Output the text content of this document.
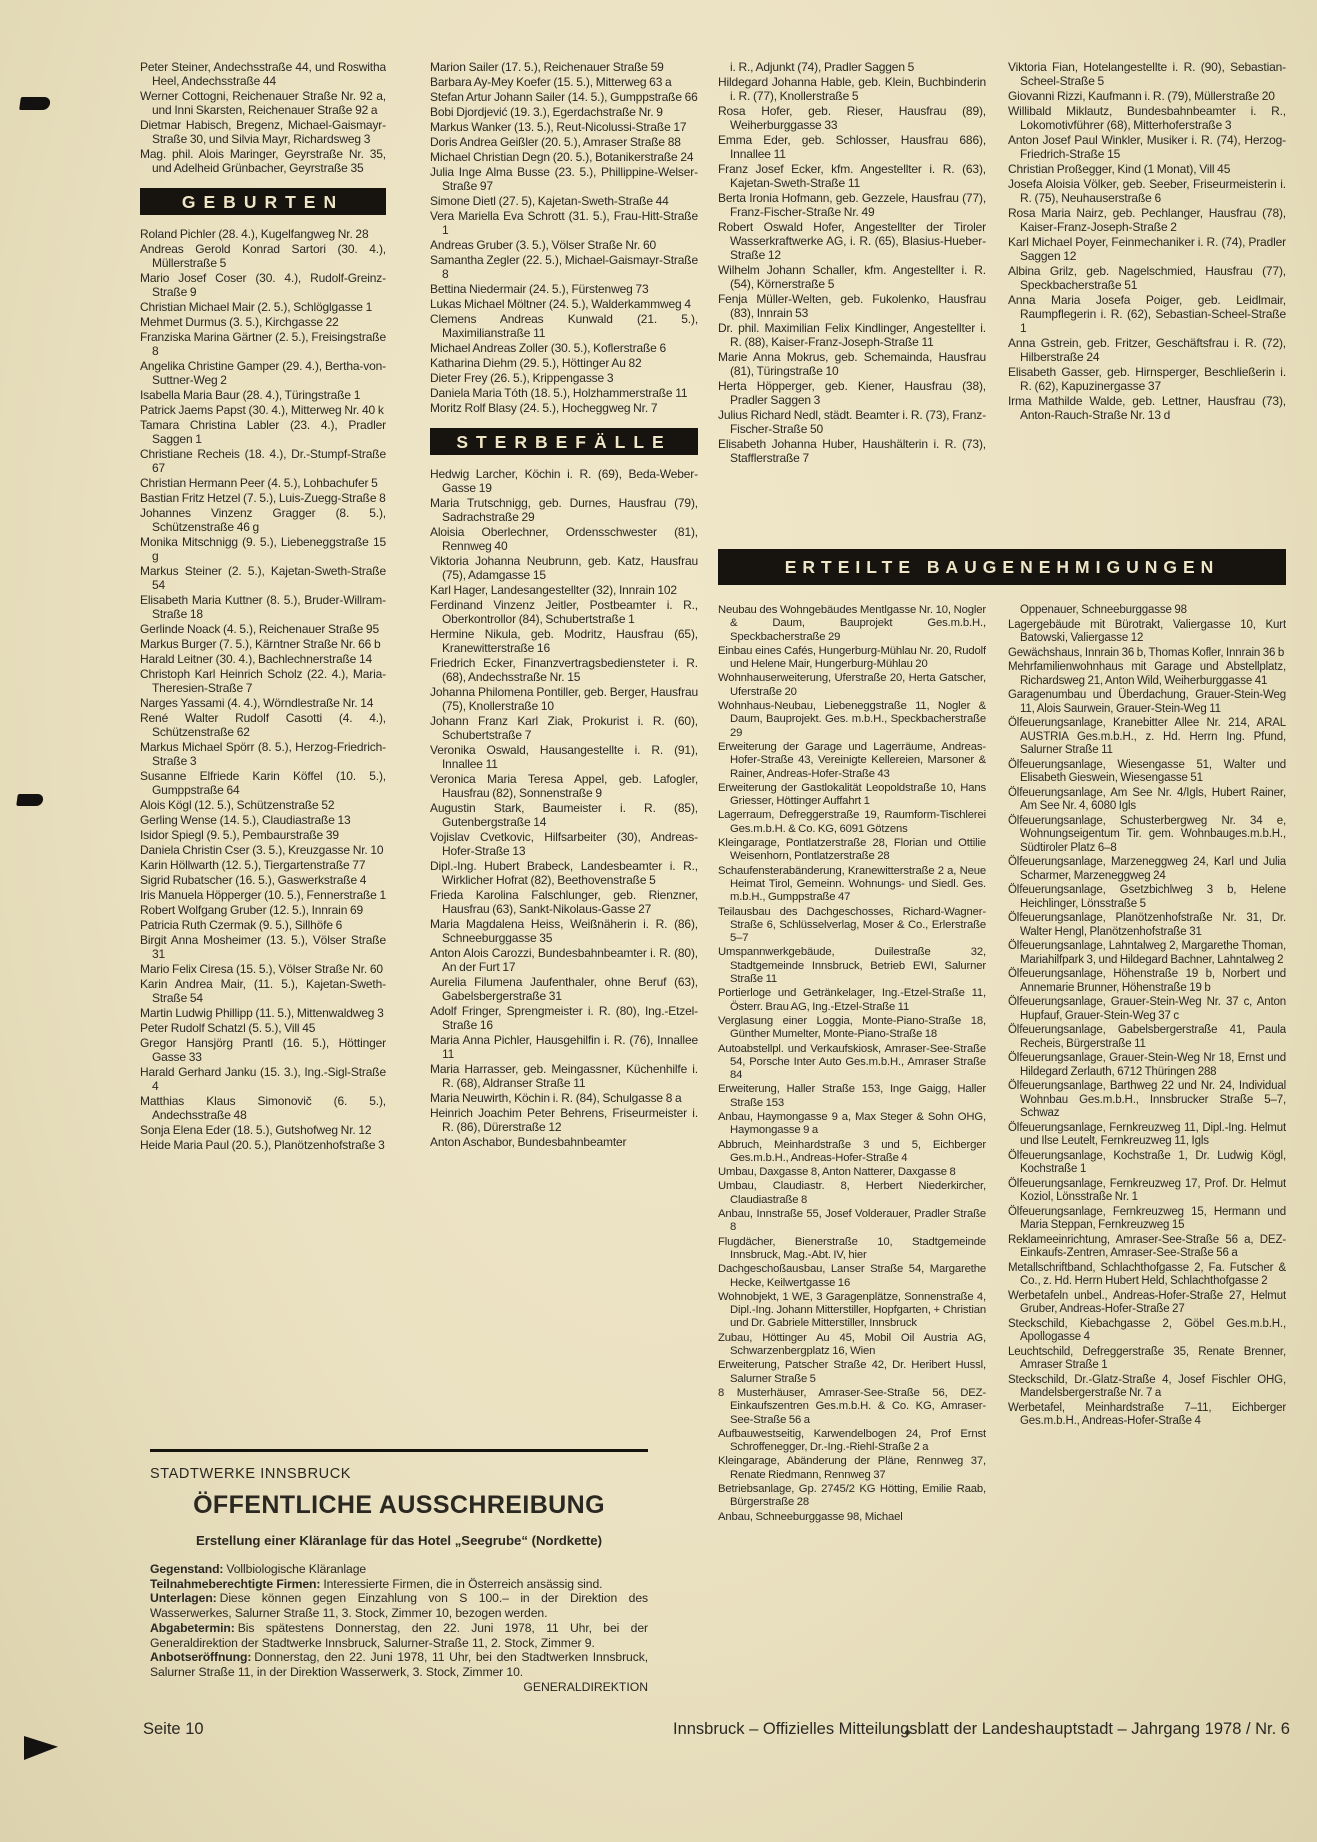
Peter Steiner, Andechsstraße 44, und Roswitha Heel, Andechsstraße 44

Werner Cottogni, Reichenauer Straße Nr. 92 a, und Inni Skarsten, Reichenauer Straße 92 a

Dietmar Habisch, Bregenz, Michael-Gaismayr-Straße 30, und Silvia Mayr, Richardsweg 3

Mag. phil. Alois Maringer, Geyrstraße Nr. 35, und Adelheid Grünbacher, Geyrstraße 35

GEBURTEN

Roland Pichler (28. 4.), Kugelfangweg Nr. 28

Andreas Gerold Konrad Sartori (30. 4.), Müllerstraße 5

Mario Josef Coser (30. 4.), Rudolf-Greinz-Straße 9

Christian Michael Mair (2. 5.), Schlöglgasse 1

Mehmet Durmus (3. 5.), Kirchgasse 22

Franziska Marina Gärtner (2. 5.), Freisingstraße 8

Angelika Christine Gamper (29. 4.), Bertha-von-Suttner-Weg 2

Isabella Maria Baur (28. 4.), Türingstraße 1

Patrick Jaems Papst (30. 4.), Mitterweg Nr. 40 k

Tamara Christina Labler (23. 4.), Pradler Saggen 1

Christiane Recheis (18. 4.), Dr.-Stumpf-Straße 67

Christian Hermann Peer (4. 5.), Lohbachufer 5

Bastian Fritz Hetzel (7. 5.), Luis-Zuegg-Straße 8

Johannes Vinzenz Gragger (8. 5.), Schützenstraße 46 g

Monika Mitschnigg (9. 5.), Liebeneggstraße 15 g

Markus Steiner (2. 5.), Kajetan-Sweth-Straße 54

Elisabeth Maria Kuttner (8. 5.), Bruder-Willram-Straße 18

Gerlinde Noack (4. 5.), Reichenauer Straße 95

Markus Burger (7. 5.), Kärntner Straße Nr. 66 b

Harald Leitner (30. 4.), Bachlechnerstraße 14

Christoph Karl Heinrich Scholz (22. 4.), Maria-Theresien-Straße 7

Narges Yassami (4. 4.), Wörndlestraße Nr. 14

René Walter Rudolf Casotti (4. 4.), Schützenstraße 62

Markus Michael Spörr (8. 5.), Herzog-Friedrich-Straße 3

Susanne Elfriede Karin Köffel (10. 5.), Gumppstraße 64

Alois Kögl (12. 5.), Schützenstraße 52

Gerling Wense (14. 5.), Claudiastraße 13

Isidor Spiegl (9. 5.), Pembaurstraße 39

Daniela Christin Cser (3. 5.), Kreuzgasse Nr. 10

Karin Höllwarth (12. 5.), Tiergartenstraße 77

Sigrid Rubatscher (16. 5.), Gaswerkstraße 4

Iris Manuela Höpperger (10. 5.), Fennerstraße 1

Robert Wolfgang Gruber (12. 5.), Innrain 69

Patricia Ruth Czermak (9. 5.), Sillhöfe 6

Birgit Anna Mosheimer (13. 5.), Völser Straße 31

Mario Felix Ciresa (15. 5.), Völser Straße Nr. 60

Karin Andrea Mair, (11. 5.), Kajetan-Sweth-Straße 54

Martin Ludwig Phillipp (11. 5.), Mittenwaldweg 3

Peter Rudolf Schatzl (5. 5.), Vill 45

Gregor Hansjörg Prantl (16. 5.), Höttinger Gasse 33

Harald Gerhard Janku (15. 3.), Ing.-Sigl-Straße 4

Matthias Klaus Simonovič (6. 5.), Andechsstraße 48

Sonja Elena Eder (18. 5.), Gutshofweg Nr. 12

Heide Maria Paul (20. 5.), Planötzenhofstraße 3

Marion Sailer (17. 5.), Reichenauer Straße 59

Barbara Ay-Mey Koefer (15. 5.), Mitterweg 63 a

Stefan Artur Johann Sailer (14. 5.), Gumppstraße 66

Bobi Djordjević (19. 3.), Egerdachstraße Nr. 9

Markus Wanker (13. 5.), Reut-Nicolussi-Straße 17

Doris Andrea Geißler (20. 5.), Amraser Straße 88

Michael Christian Degn (20. 5.), Botanikerstraße 24

Julia Inge Alma Busse (23. 5.), Phillippine-Welser-Straße 97

Simone Dietl (27. 5), Kajetan-Sweth-Straße 44

Vera Mariella Eva Schrott (31. 5.), Frau-Hitt-Straße 1

Andreas Gruber (3. 5.), Völser Straße Nr. 60

Samantha Zegler (22. 5.), Michael-Gaismayr-Straße 8

Bettina Niedermair (24. 5.), Fürstenweg 73

Lukas Michael Möltner (24. 5.), Walderkammweg 4

Clemens Andreas Kunwald (21. 5.), Maximilianstraße 11

Michael Andreas Zoller (30. 5.), Koflerstraße 6

Katharina Diehm (29. 5.), Höttinger Au 82

Dieter Frey (26. 5.), Krippengasse 3

Daniela Maria Tóth (18. 5.), Holzhammerstraße 11

Moritz Rolf Blasy (24. 5.), Hocheggweg Nr. 7

STERBEFÄLLE

Hedwig Larcher, Köchin i. R. (69), Beda-Weber-Gasse 19

Maria Trutschnigg, geb. Durnes, Hausfrau (79), Sadrachstraße 29

Aloisia Oberlechner, Ordensschwester (81), Rennweg 40

Viktoria Johanna Neubrunn, geb. Katz, Hausfrau (75), Adamgasse 15

Karl Hager, Landesangestellter (32), Innrain 102

Ferdinand Vinzenz Jeitler, Postbeamter i. R., Oberkontrollor (84), Schubertstraße 1

Hermine Nikula, geb. Modritz, Hausfrau (65), Kranewitterstraße 16

Friedrich Ecker, Finanzvertragsbediensteter i. R. (68), Andechsstraße Nr. 15

Johanna Philomena Pontiller, geb. Berger, Hausfrau (75), Knollerstraße 10

Johann Franz Karl Ziak, Prokurist i. R. (60), Schubertstraße 7

Veronika Oswald, Hausangestellte i. R. (91), Innallee 11

Veronica Maria Teresa Appel, geb. Lafogler, Hausfrau (82), Sonnenstraße 9

Augustin Stark, Baumeister i. R. (85), Gutenbergstraße 14

Vojislav Cvetkovic, Hilfsarbeiter (30), Andreas-Hofer-Straße 13

Dipl.-Ing. Hubert Brabeck, Landesbeamter i. R., Wirklicher Hofrat (82), Beethovenstraße 5

Frieda Karolina Falschlunger, geb. Rienzner, Hausfrau (63), Sankt-Nikolaus-Gasse 27

Maria Magdalena Heiss, Weißnäherin i. R. (86), Schneeburggasse 35

Anton Alois Carozzi, Bundesbahnbeamter i. R. (80), An der Furt 17

Aurelia Filumena Jaufenthaler, ohne Beruf (63), Gabelsbergerstraße 31

Adolf Fringer, Sprengmeister i. R. (80), Ing.-Etzel-Straße 16

Maria Anna Pichler, Hausgehilfin i. R. (76), Innallee 11

Maria Harrasser, geb. Meingassner, Küchenhilfe i. R. (68), Aldranser Straße 11

Maria Neuwirth, Köchin i. R. (84), Schulgasse 8 a

Heinrich Joachim Peter Behrens, Friseurmeister i. R. (86), Dürerstraße 12

Anton Aschabor, Bundesbahnbeamter

i. R., Adjunkt (74), Pradler Saggen 5

Hildegard Johanna Hable, geb. Klein, Buchbinderin i. R. (77), Knollerstraße 5

Rosa Hofer, geb. Rieser, Hausfrau (89), Weiherburggasse 33

Emma Eder, geb. Schlosser, Hausfrau 686), Innallee 11

Franz Josef Ecker, kfm. Angestellter i. R. (63), Kajetan-Sweth-Straße 11

Berta Ironia Hofmann, geb. Gezzele, Hausfrau (77), Franz-Fischer-Straße Nr. 49

Robert Oswald Hofer, Angestellter der Tiroler Wasserkraftwerke AG, i. R. (65), Blasius-Hueber-Straße 12

Wilhelm Johann Schaller, kfm. Angestellter i. R. (54), Körnerstraße 5

Fenja Müller-Welten, geb. Fukolenko, Hausfrau (83), Innrain 53

Dr. phil. Maximilian Felix Kindlinger, Angestellter i. R. (88), Kaiser-Franz-Joseph-Straße 11

Marie Anna Mokrus, geb. Schemainda, Hausfrau (81), Türingstraße 10

Herta Höpperger, geb. Kiener, Hausfrau (38), Pradler Saggen 3

Julius Richard Nedl, städt. Beamter i. R. (73), Franz-Fischer-Straße 50

Elisabeth Johanna Huber, Haushälterin i. R. (73), Stafflerstraße 7

Viktoria Fian, Hotelangestellte i. R. (90), Sebastian-Scheel-Straße 5

Giovanni Rizzi, Kaufmann i. R. (79), Müllerstraße 20

Willibald Miklautz, Bundesbahnbeamter i. R., Lokomotivführer (68), Mitterhoferstraße 3

Anton Josef Paul Winkler, Musiker i. R. (74), Herzog-Friedrich-Straße 15

Christian Proßegger, Kind (1 Monat), Vill 45

Josefa Aloisia Völker, geb. Seeber, Friseurmeisterin i. R. (75), Neuhauserstraße 6

Rosa Maria Nairz, geb. Pechlanger, Hausfrau (78), Kaiser-Franz-Joseph-Straße 2

Karl Michael Poyer, Feinmechaniker i. R. (74), Pradler Saggen 12

Albina Grilz, geb. Nagelschmied, Hausfrau (77), Speckbacherstraße 51

Anna Maria Josefa Poiger, geb. Leidlmair, Raumpflegerin i. R. (62), Sebastian-Scheel-Straße 1

Anna Gstrein, geb. Fritzer, Geschäftsfrau i. R. (72), Hilberstraße 24

Elisabeth Gasser, geb. Hirnsperger, Beschließerin i. R. (62), Kapuzinergasse 37

Irma Mathilde Walde, geb. Lettner, Hausfrau (73), Anton-Rauch-Straße Nr. 13 d

ERTEILTE BAUGENEHMIGUNGEN

Neubau des Wohngebäudes Mentlgasse Nr. 10, Nogler & Daum, Bauprojekt Ges.m.b.H., Speckbacherstraße 29

Einbau eines Cafés, Hungerburg-Mühlau Nr. 20, Rudolf und Helene Mair, Hungerburg-Mühlau 20

Wohnhauserweiterung, Uferstraße 20, Herta Gatscher, Uferstraße 20

Wohnhaus-Neubau, Liebeneggstraße 11, Nogler & Daum, Bauprojekt. Ges. m.b.H., Speckbacherstraße 29

Erweiterung der Garage und Lagerräume, Andreas-Hofer-Straße 43, Vereinigte Kellereien, Marsoner & Rainer, Andreas-Hofer-Straße 43

Erweiterung der Gastlokalität Leopoldstraße 10, Hans Griesser, Höttinger Auffahrt 1

Lagerraum, Defreggerstraße 19, Raumform-Tischlerei Ges.m.b.H. & Co. KG, 6091 Götzens

Kleingarage, Pontlatzerstraße 28, Florian und Ottilie Weisenhorn, Pontlatzerstraße 28

Schaufensterabänderung, Kranewitterstraße 2 a, Neue Heimat Tirol, Gemeinn. Wohnungs- und Siedl. Ges. m.b.H., Gumppstraße 47

Teilausbau des Dachgeschosses, Richard-Wagner-Straße 6, Schlüsselverlag, Moser & Co., Erlerstraße 5–7

Umspannwerkgebäude, Duilestraße 32, Stadtgemeinde Innsbruck, Betrieb EWI, Salurner Straße 11

Portierloge und Getränkelager, Ing.-Etzel-Straße 11, Österr. Brau AG, Ing.-Etzel-Straße 11

Verglasung einer Loggia, Monte-Piano-Straße 18, Günther Mumelter, Monte-Piano-Straße 18

Autoabstellpl. und Verkaufskiosk, Amraser-See-Straße 54, Porsche Inter Auto Ges.m.b.H., Amraser Straße 84

Erweiterung, Haller Straße 153, Inge Gaigg, Haller Straße 153

Anbau, Haymongasse 9 a, Max Steger & Sohn OHG, Haymongasse 9 a

Abbruch, Meinhardstraße 3 und 5, Eichberger Ges.m.b.H., Andreas-Hofer-Straße 4

Umbau, Daxgasse 8, Anton Natterer, Daxgasse 8

Umbau, Claudiastr. 8, Herbert Niederkircher, Claudiastraße 8

Anbau, Innstraße 55, Josef Volderauer, Pradler Straße 8

Flugdächer, Bienerstraße 10, Stadtgemeinde Innsbruck, Mag.-Abt. IV, hier

Dachgeschoßausbau, Lanser Straße 54, Margarethe Hecke, Keilwertgasse 16

Wohnobjekt, 1 WE, 3 Garagenplätze, Sonnenstraße 4, Dipl.-Ing. Johann Mitterstiller, Hopfgarten, + Christian und Dr. Gabriele Mitterstiller, Innsbruck

Zubau, Höttinger Au 45, Mobil Oil Austria AG, Schwarzenbergplatz 16, Wien

Erweiterung, Patscher Straße 42, Dr. Heribert Hussl, Salurner Straße 5

8 Musterhäuser, Amraser-See-Straße 56, DEZ-Einkaufszentren Ges.m.b.H. & Co. KG, Amraser-See-Straße 56 a

Aufbauwestseitig, Karwendelbogen 24, Prof Ernst Schroffenegger, Dr.-Ing.-Riehl-Straße 2 a

Kleingarage, Abänderung der Pläne, Rennweg 37, Renate Riedmann, Rennweg 37

Betriebsanlage, Gp. 2745/2 KG Hötting, Emilie Raab, Bürgerstraße 28

Anbau, Schneeburggasse 98, Michael

Oppenauer, Schneeburggasse 98

Lagergebäude mit Bürotrakt, Valiergasse 10, Kurt Batowski, Valiergasse 12

Gewächshaus, Innrain 36 b, Thomas Kofler, Innrain 36 b

Mehrfamilienwohnhaus mit Garage und Abstellplatz, Richardsweg 21, Anton Wild, Weiherburggasse 41

Garagenumbau und Überdachung, Grauer-Stein-Weg 11, Alois Saurwein, Grauer-Stein-Weg 11

Ölfeuerungsanlage, Kranebitter Allee Nr. 214, ARAL AUSTRIA Ges.m.b.H., z. Hd. Herrn Ing. Pfund, Salurner Straße 11

Ölfeuerungsanlage, Wiesengasse 51, Walter und Elisabeth Gieswein, Wiesengasse 51

Ölfeuerungsanlage, Am See Nr. 4/Igls, Hubert Rainer, Am See Nr. 4, 6080 Igls

Ölfeuerungsanlage, Schusterbergweg Nr. 34 e, Wohnungseigentum Tir. gem. Wohnbauges.m.b.H., Südtiroler Platz 6–8

Ölfeuerungsanlage, Marzeneggweg 24, Karl und Julia Scharmer, Marzeneggweg 24

Ölfeuerungsanlage, Gsetzbichlweg 3 b, Helene Heichlinger, Lönsstraße 5

Ölfeuerungsanlage, Planötzenhofstraße Nr. 31, Dr. Walter Hengl, Planötzenhofstraße 31

Ölfeuerungsanlage, Lahntalweg 2, Margarethe Thoman, Mariahilfpark 3, und Hildegard Bachner, Lahntalweg 2

Ölfeuerungsanlage, Höhenstraße 19 b, Norbert und Annemarie Brunner, Höhenstraße 19 b

Ölfeuerungsanlage, Grauer-Stein-Weg Nr. 37 c, Anton Hupfauf, Grauer-Stein-Weg 37 c

Ölfeuerungsanlage, Gabelsbergerstraße 41, Paula Recheis, Bürgerstraße 11

Ölfeuerungsanlage, Grauer-Stein-Weg Nr 18, Ernst und Hildegard Zerlauth, 6712 Thüringen 288

Ölfeuerungsanlage, Barthweg 22 und Nr. 24, Individual Wohnbau Ges.m.b.H., Innsbrucker Straße 5–7, Schwaz

Ölfeuerungsanlage, Fernkreuzweg 11, Dipl.-Ing. Helmut und Ilse Leutelt, Fernkreuzweg 11, Igls

Ölfeuerungsanlage, Kochstraße 1, Dr. Ludwig Kögl, Kochstraße 1

Ölfeuerungsanlage, Fernkreuzweg 17, Prof. Dr. Helmut Koziol, Lönsstraße Nr. 1

Ölfeuerungsanlage, Fernkreuzweg 15, Hermann und Maria Steppan, Fernkreuzweg 15

Reklameeinrichtung, Amraser-See-Straße 56 a, DEZ-Einkaufs-Zentren, Amraser-See-Straße 56 a

Metallschriftband, Schlachthofgasse 2, Fa. Futscher & Co., z. Hd. Herrn Hubert Held, Schlachthofgasse 2

Werbetafeln unbel., Andreas-Hofer-Straße 27, Helmut Gruber, Andreas-Hofer-Straße 27

Steckschild, Kiebachgasse 2, Göbel Ges.m.b.H., Apollogasse 4

Leuchtschild, Defreggerstraße 35, Renate Brenner, Amraser Straße 1

Steckschild, Dr.-Glatz-Straße 4, Josef Fischler OHG, Mandelsbergerstraße Nr. 7 a

Werbetafel, Meinhardstraße 7–11, Eichberger Ges.m.b.H., Andreas-Hofer-Straße 4

STADTWERKE INNSBRUCK
ÖFFENTLICHE AUSSCHREIBUNG
Erstellung einer Kläranlage für das Hotel „Seegrube“ (Nordkette)

Gegenstand: Vollbiologische Kläranlage

Teilnahmeberechtigte Firmen: Interessierte Firmen, die in Österreich ansässig sind.

Unterlagen: Diese können gegen Einzahlung von S 100.– in der Direktion des Wasserwerkes, Salurner Straße 11, 3. Stock, Zimmer 10, bezogen werden.

Abgabetermin: Bis spätestens Donnerstag, den 22. Juni 1978, 11 Uhr, bei der Generaldirektion der Stadtwerke Innsbruck, Salurner-Straße 11, 2. Stock, Zimmer 9.

Anbotseröffnung: Donnerstag, den 22. Juni 1978, 11 Uhr, bei den Stadtwerken Innsbruck, Salurner Straße 11, in der Direktion Wasserwerk, 3. Stock, Zimmer 10.

GENERALDIREKTION
Seite 10	Innsbruck – Offizielles Mitteilungsblatt der Landeshauptstadt – Jahrgang 1978 / Nr. 6
